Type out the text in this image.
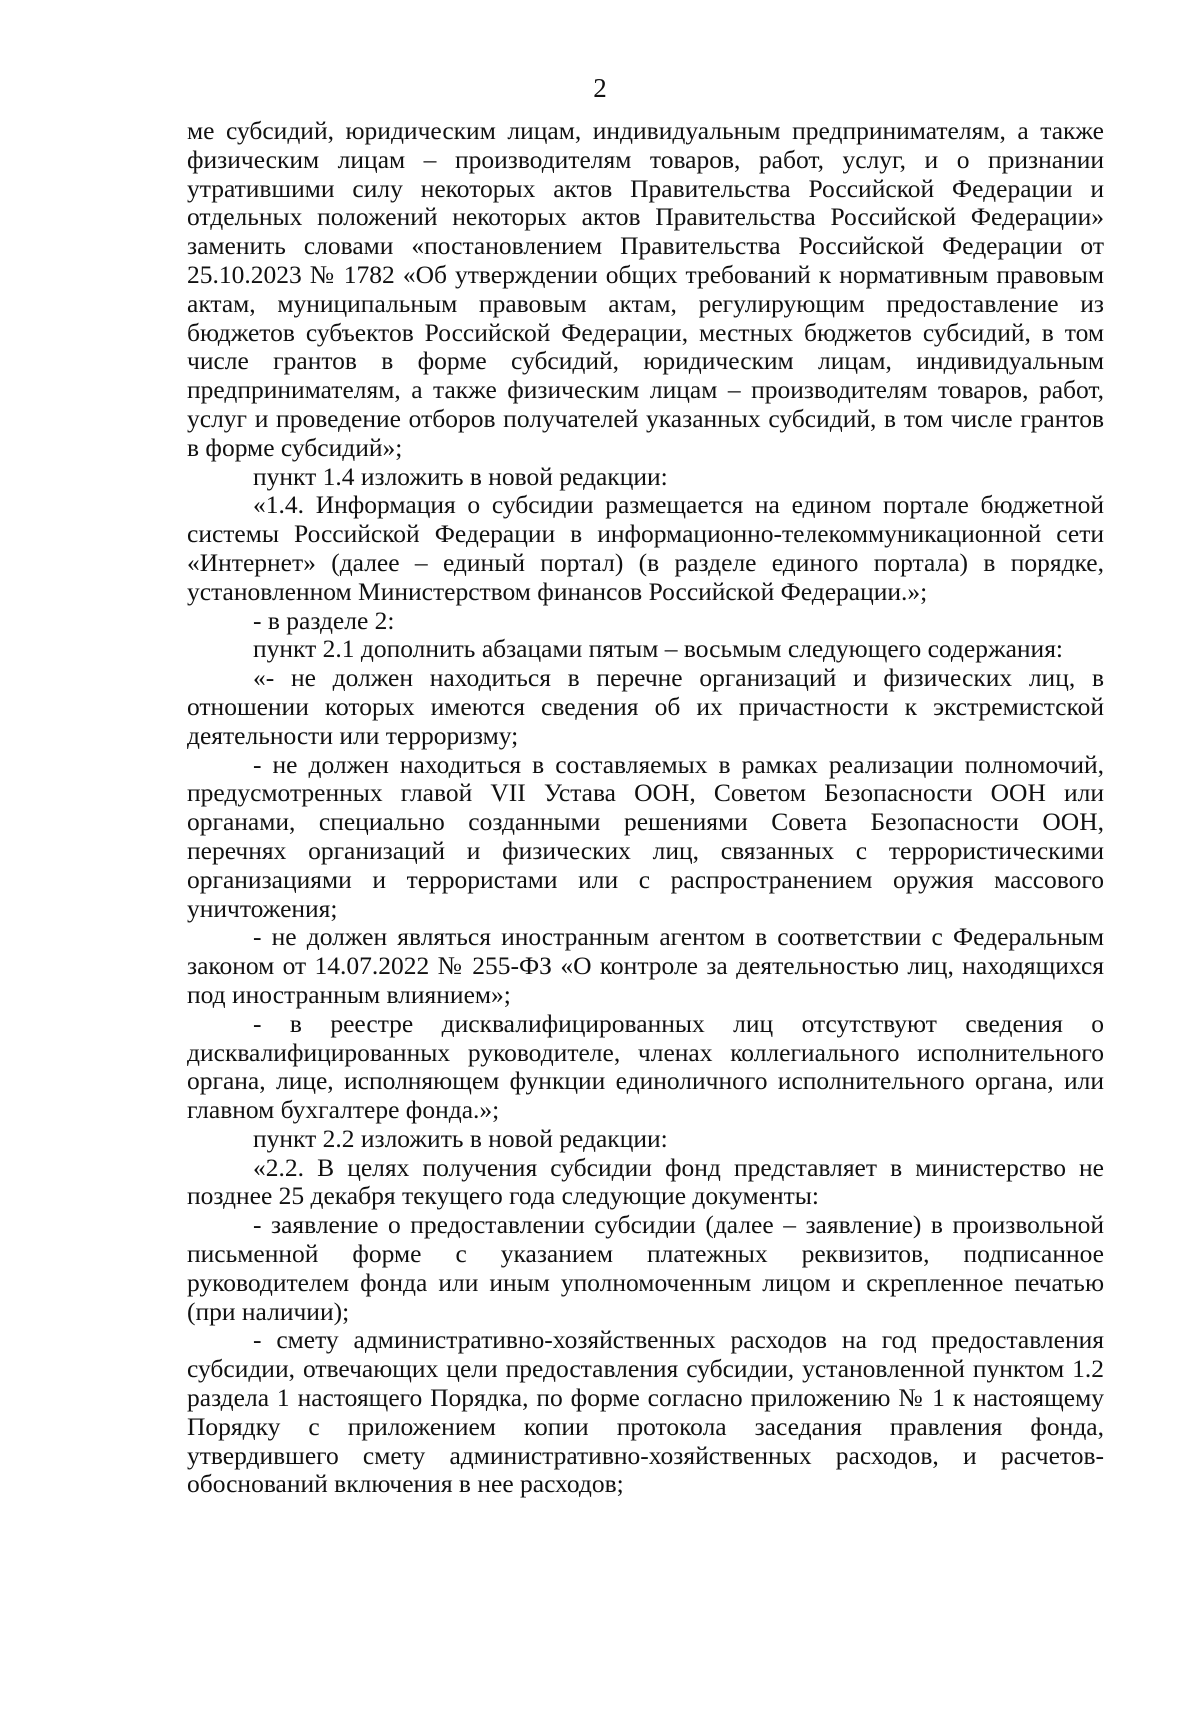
2

ме субсидий, юридическим лицам, индивидуальным предпринимателям, а также физическим лицам – производителям товаров, работ, услуг, и о признании утратившими силу некоторых актов Правительства Российской Федерации и отдельных положений некоторых актов Правительства Российской Федерации» заменить словами «постановлением Правительства Российской Федерации от 25.10.2023 № 1782 «Об утверждении общих требований к нормативным правовым актам, муниципальным правовым актам, регулирующим предоставление из бюджетов субъектов Российской Федерации, местных бюджетов субсидий, в том числе грантов в форме субсидий, юридическим лицам, индивидуальным предпринимателям, а также физическим лицам – производителям товаров, работ, услуг и проведение отборов получателей указанных субсидий, в том числе грантов в форме субсидий»;

пункт 1.4 изложить в новой редакции:

«1.4. Информация о субсидии размещается на едином портале бюджетной системы Российской Федерации в информационно-телекоммуникационной сети «Интернет» (далее – единый портал) (в разделе единого портала) в порядке, установленном Министерством финансов Российской Федерации.»;

- в разделе 2:

пункт 2.1 дополнить абзацами пятым – восьмым следующего содержания:

«- не должен находиться в перечне организаций и физических лиц, в отношении которых имеются сведения об их причастности к экстремистской деятельности или терроризму;

- не должен находиться в составляемых в рамках реализации полномочий, предусмотренных главой VII Устава ООН, Советом Безопасности ООН или органами, специально созданными решениями Совета Безопасности ООН, перечнях организаций и физических лиц, связанных с террористическими организациями и террористами или с распространением оружия массового уничтожения;

- не должен являться иностранным агентом в соответствии с Федеральным законом от 14.07.2022 № 255-ФЗ «О контроле за деятельностью лиц, находящихся под иностранным влиянием»;

- в реестре дисквалифицированных лиц отсутствуют сведения о дисквалифицированных руководителе, членах коллегиального исполнительного органа, лице, исполняющем функции единоличного исполнительного органа, или главном бухгалтере фонда.»;

пункт 2.2 изложить в новой редакции:

«2.2. В целях получения субсидии фонд представляет в министерство не позднее 25 декабря текущего года следующие документы:

- заявление о предоставлении субсидии (далее – заявление) в произвольной письменной форме с указанием платежных реквизитов, подписанное руководителем фонда или иным уполномоченным лицом и скрепленное печатью (при наличии);

- смету административно-хозяйственных расходов на год предоставления субсидии, отвечающих цели предоставления субсидии, установленной пунктом 1.2 раздела 1 настоящего Порядка, по форме согласно приложению № 1 к настоящему Порядку с приложением копии протокола заседания правления фонда, утвердившего смету административно-хозяйственных расходов, и расчетов-обоснований включения в нее расходов;
